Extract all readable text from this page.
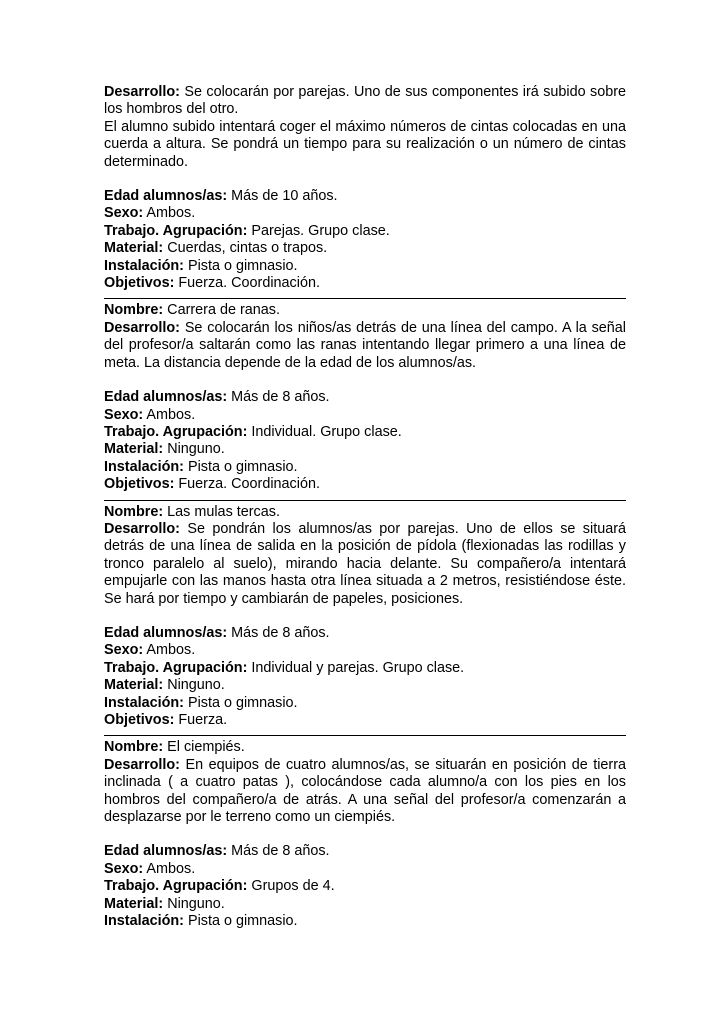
Desarrollo: Se colocarán por parejas. Uno de sus componentes irá subido sobre los hombros del otro.

El alumno subido intentará coger el máximo números de cintas colocadas en una cuerda a altura. Se pondrá un tiempo para su realización o un número de cintas determinado.

Edad alumnos/as: Más de 10 años.

Sexo: Ambos.

Trabajo. Agrupación: Parejas. Grupo clase.

Material: Cuerdas, cintas o trapos.

Instalación: Pista o gimnasio.

Objetivos: Fuerza. Coordinación.

Nombre: Carrera de ranas.

Desarrollo: Se colocarán los niños/as detrás de una línea del campo. A la señal del profesor/a saltarán como las ranas intentando llegar primero a una línea de meta. La distancia depende de la edad de los alumnos/as.

Edad alumnos/as: Más de 8 años.

Sexo: Ambos.

Trabajo. Agrupación: Individual. Grupo clase.

Material: Ninguno.

Instalación: Pista o gimnasio.

Objetivos: Fuerza. Coordinación.

Nombre: Las mulas tercas.

Desarrollo: Se pondrán los alumnos/as por parejas. Uno de ellos se situará detrás de una línea de salida en la posición de pídola (flexionadas las rodillas y tronco paralelo al suelo), mirando hacia delante. Su compañero/a intentará empujarle con las manos hasta otra línea situada a 2 metros, resistiéndose éste. Se hará por tiempo y cambiarán de papeles, posiciones.

Edad alumnos/as: Más de 8 años.

Sexo: Ambos.

Trabajo. Agrupación: Individual y parejas. Grupo clase.

Material: Ninguno.

Instalación: Pista o gimnasio.

Objetivos: Fuerza.

Nombre: El ciempiés.

Desarrollo: En equipos de cuatro alumnos/as, se situarán en posición de tierra inclinada ( a cuatro patas ), colocándose cada alumno/a con los pies en los hombros del compañero/a de atrás. A una señal del profesor/a comenzarán a desplazarse por le terreno como un ciempiés.

Edad alumnos/as: Más de 8 años.

Sexo: Ambos.

Trabajo. Agrupación: Grupos de 4.

Material: Ninguno.

Instalación: Pista o gimnasio.
